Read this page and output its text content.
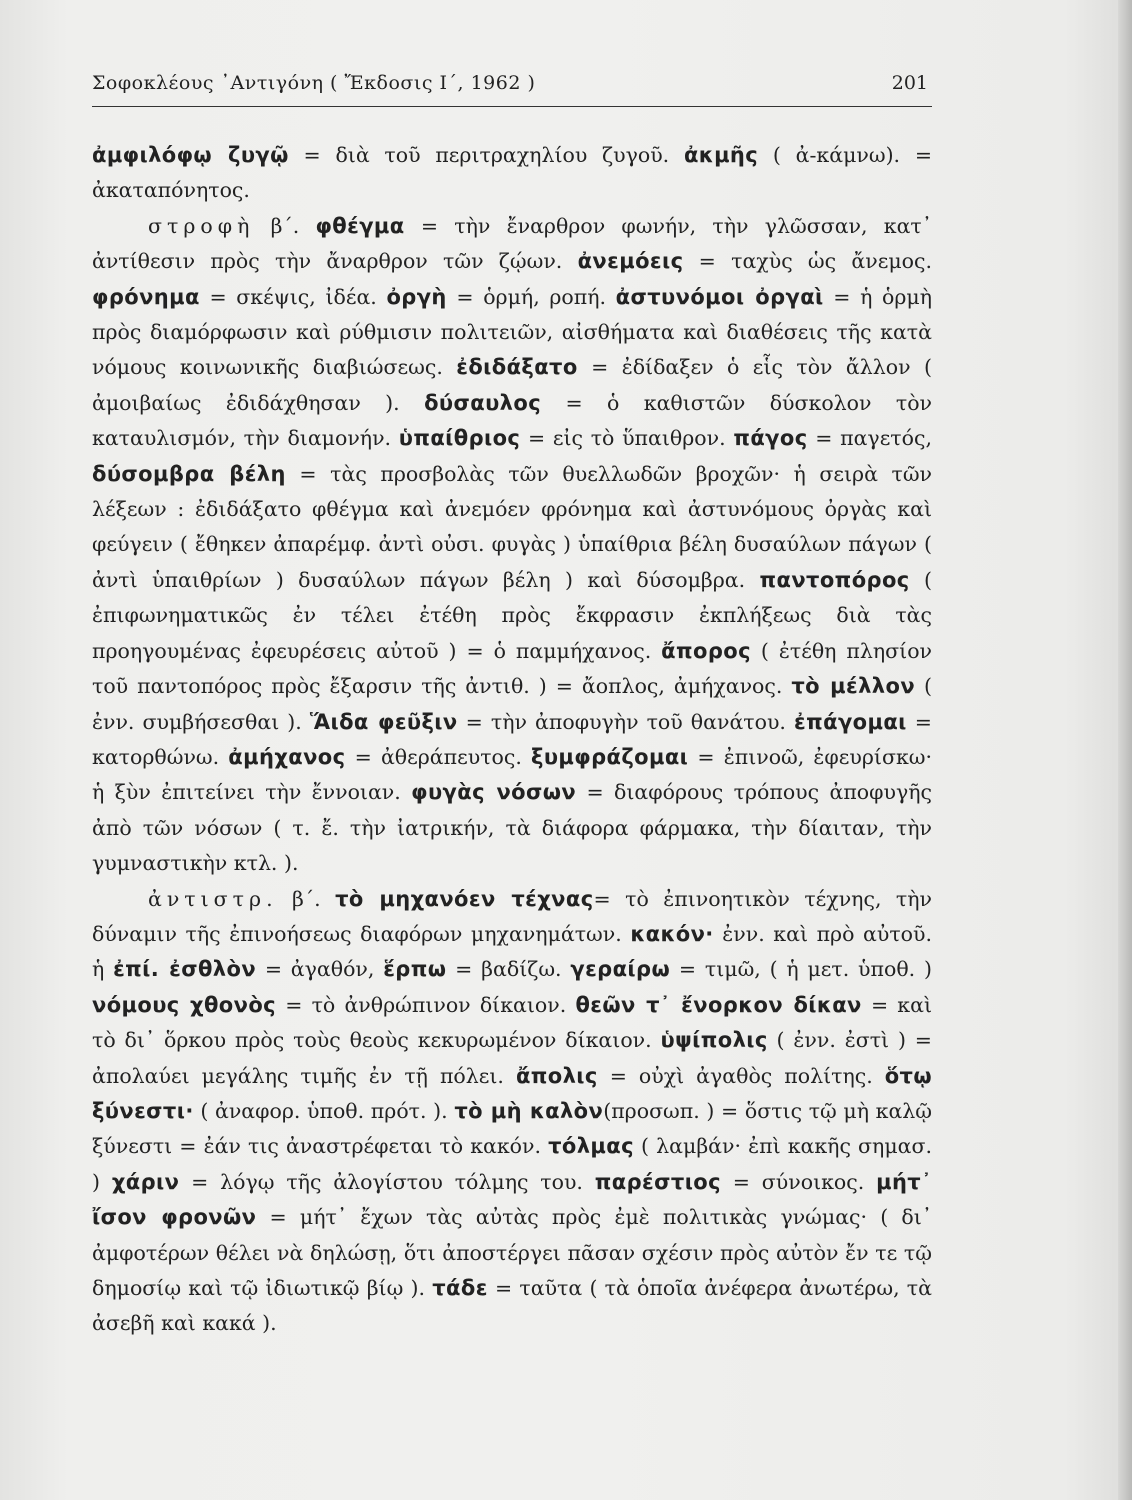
Σοφοκλέους ᾿Αντιγόνη ( Ἔκδοσις Ι΄, 1962 )	201

ἀμφιλόφῳ ζυγῷ = διὰ τοῦ περιτραχηλίου ζυγοῦ. ἀκμῆς ( ἀ-κάμνω). = ἀκαταπόνητος.

στροφὴ β΄. φθέγμα = τὴν ἔναρθρον φωνήν, τὴν γλῶσσαν, κατ᾿ ἀντίθεσιν πρὸς τὴν ἄναρθρον τῶν ζῴων. ἀνεμόεις = ταχὺς ὡς ἄνεμος. φρόνημα = σκέψις, ἰδέα. ὀργὴ = ὁρμή, ροπή. ἀστυνόμοι ὀργαὶ = ἡ ὁρμὴ πρὸς διαμόρφωσιν καὶ ρύθμισιν πολιτειῶν, αἰσθήματα καὶ διαθέσεις τῆς κατὰ νόμους κοινωνικῆς διαβιώσεως. ἐδιδάξατο = ἐδίδαξεν ὁ εἷς τὸν ἄλλον ( ἀμοιβαίως ἐδιδάχθησαν ). δύσαυλος = ὁ καθιστῶν δύσκολον τὸν καταυλισμόν, τὴν διαμονήν. ὑπαίθριος = εἰς τὸ ὕπαιθρον. πάγος = παγετός, δύσομβρα βέλη = τὰς προσβολὰς τῶν θυελλωδῶν βροχῶν· ἡ σειρὰ τῶν λέξεων : ἐδιδάξατο φθέγμα καὶ ἀνεμόεν φρόνημα καὶ ἀστυνόμους ὀργὰς καὶ φεύγειν ( ἔθηκεν ἀπαρέμφ. ἀντὶ οὐσι. φυγὰς ) ὑπαίθρια βέλη δυσαύλων πάγων ( ἀντὶ ὑπαιθρίων ) δυσαύλων πάγων βέλη ) καὶ δύσομβρα. παντοπόρος ( ἐπιφωνηματικῶς ἐν τέλει ἐτέθη πρὸς ἔκφρασιν ἐκπλήξεως διὰ τὰς προηγουμένας ἐφευρέσεις αὐτοῦ ) = ὁ παμμήχανος. ἄπορος ( ἐτέθη πλησίον τοῦ παντοπόρος πρὸς ἔξαρσιν τῆς ἀντιθ. ) = ἄοπλος, ἀμήχανος. τὸ μέλλον ( ἐνν. συμβήσεσθαι ). Ἅιδα φεῦξιν = τὴν ἀποφυγὴν τοῦ θανάτου. ἐπάγομαι = κατορθώνω. ἀμήχανος = ἀθεράπευτος. ξυμφράζομαι = ἐπινοῶ, ἐφευρίσκω· ἡ ξὺν ἐπιτείνει τὴν ἔννοιαν. φυγὰς νόσων = διαφόρους τρόπους ἀποφυγῆς ἀπὸ τῶν νόσων ( τ. ἔ. τὴν ἰατρικήν, τὰ διάφορα φάρμακα, τὴν δίαιταν, τὴν γυμναστικὴν κτλ. ).

ἀντιστρ. β΄. τὸ μηχανόεν τέχνας= τὸ ἐπινοητικὸν τέχνης, τὴν δύναμιν τῆς ἐπινοήσεως διαφόρων μηχανημάτων. κακόν· ἐνν. καὶ πρὸ αὐτοῦ. ἡ ἐπί. ἐσθλὸν = ἀγαθόν, ἕρπω = βαδίζω. γεραίρω = τιμῶ, ( ἡ μετ. ὑποθ. ) νόμους χθονὸς = τὸ ἀνθρώπινον δίκαιον. θεῶν τ᾿ ἔνορκον δίκαν = καὶ τὸ δι᾿ ὅρκου πρὸς τοὺς θεοὺς κεκυρωμένον δίκαιον. ὑψίπολις ( ἐνν. ἐστὶ ) = ἀπολαύει μεγάλης τιμῆς ἐν τῇ πόλει. ἄπολις = οὐχὶ ἀγαθὸς πολίτης. ὅτῳ ξύνεστι· ( ἀναφορ. ὑποθ. πρότ. ). τὸ μὴ καλὸν(προσωπ. ) = ὅστις τῷ μὴ καλῷ ξύνεστι = ἐάν τις ἀναστρέφεται τὸ κακόν. τόλμας ( λαμβάν· ἐπὶ κακῆς σημασ. ) χάριν = λόγῳ τῆς ἀλογίστου τόλμης του. παρέστιος = σύνοικος. μήτ᾿ ἴσον φρονῶν = μήτ᾿ ἔχων τὰς αὐτὰς πρὸς ἐμὲ πολιτικὰς γνώμας· ( δι᾿ ἀμφοτέρων θέλει νὰ δηλώσῃ, ὅτι ἀποστέργει πᾶσαν σχέσιν πρὸς αὐτὸν ἔν τε τῷ δημοσίῳ καὶ τῷ ἰδιωτικῷ βίῳ ). τάδε = ταῦτα ( τὰ ὁποῖα ἀνέφερα ἀνωτέρω, τὰ ἀσεβῆ καὶ κακά ).
